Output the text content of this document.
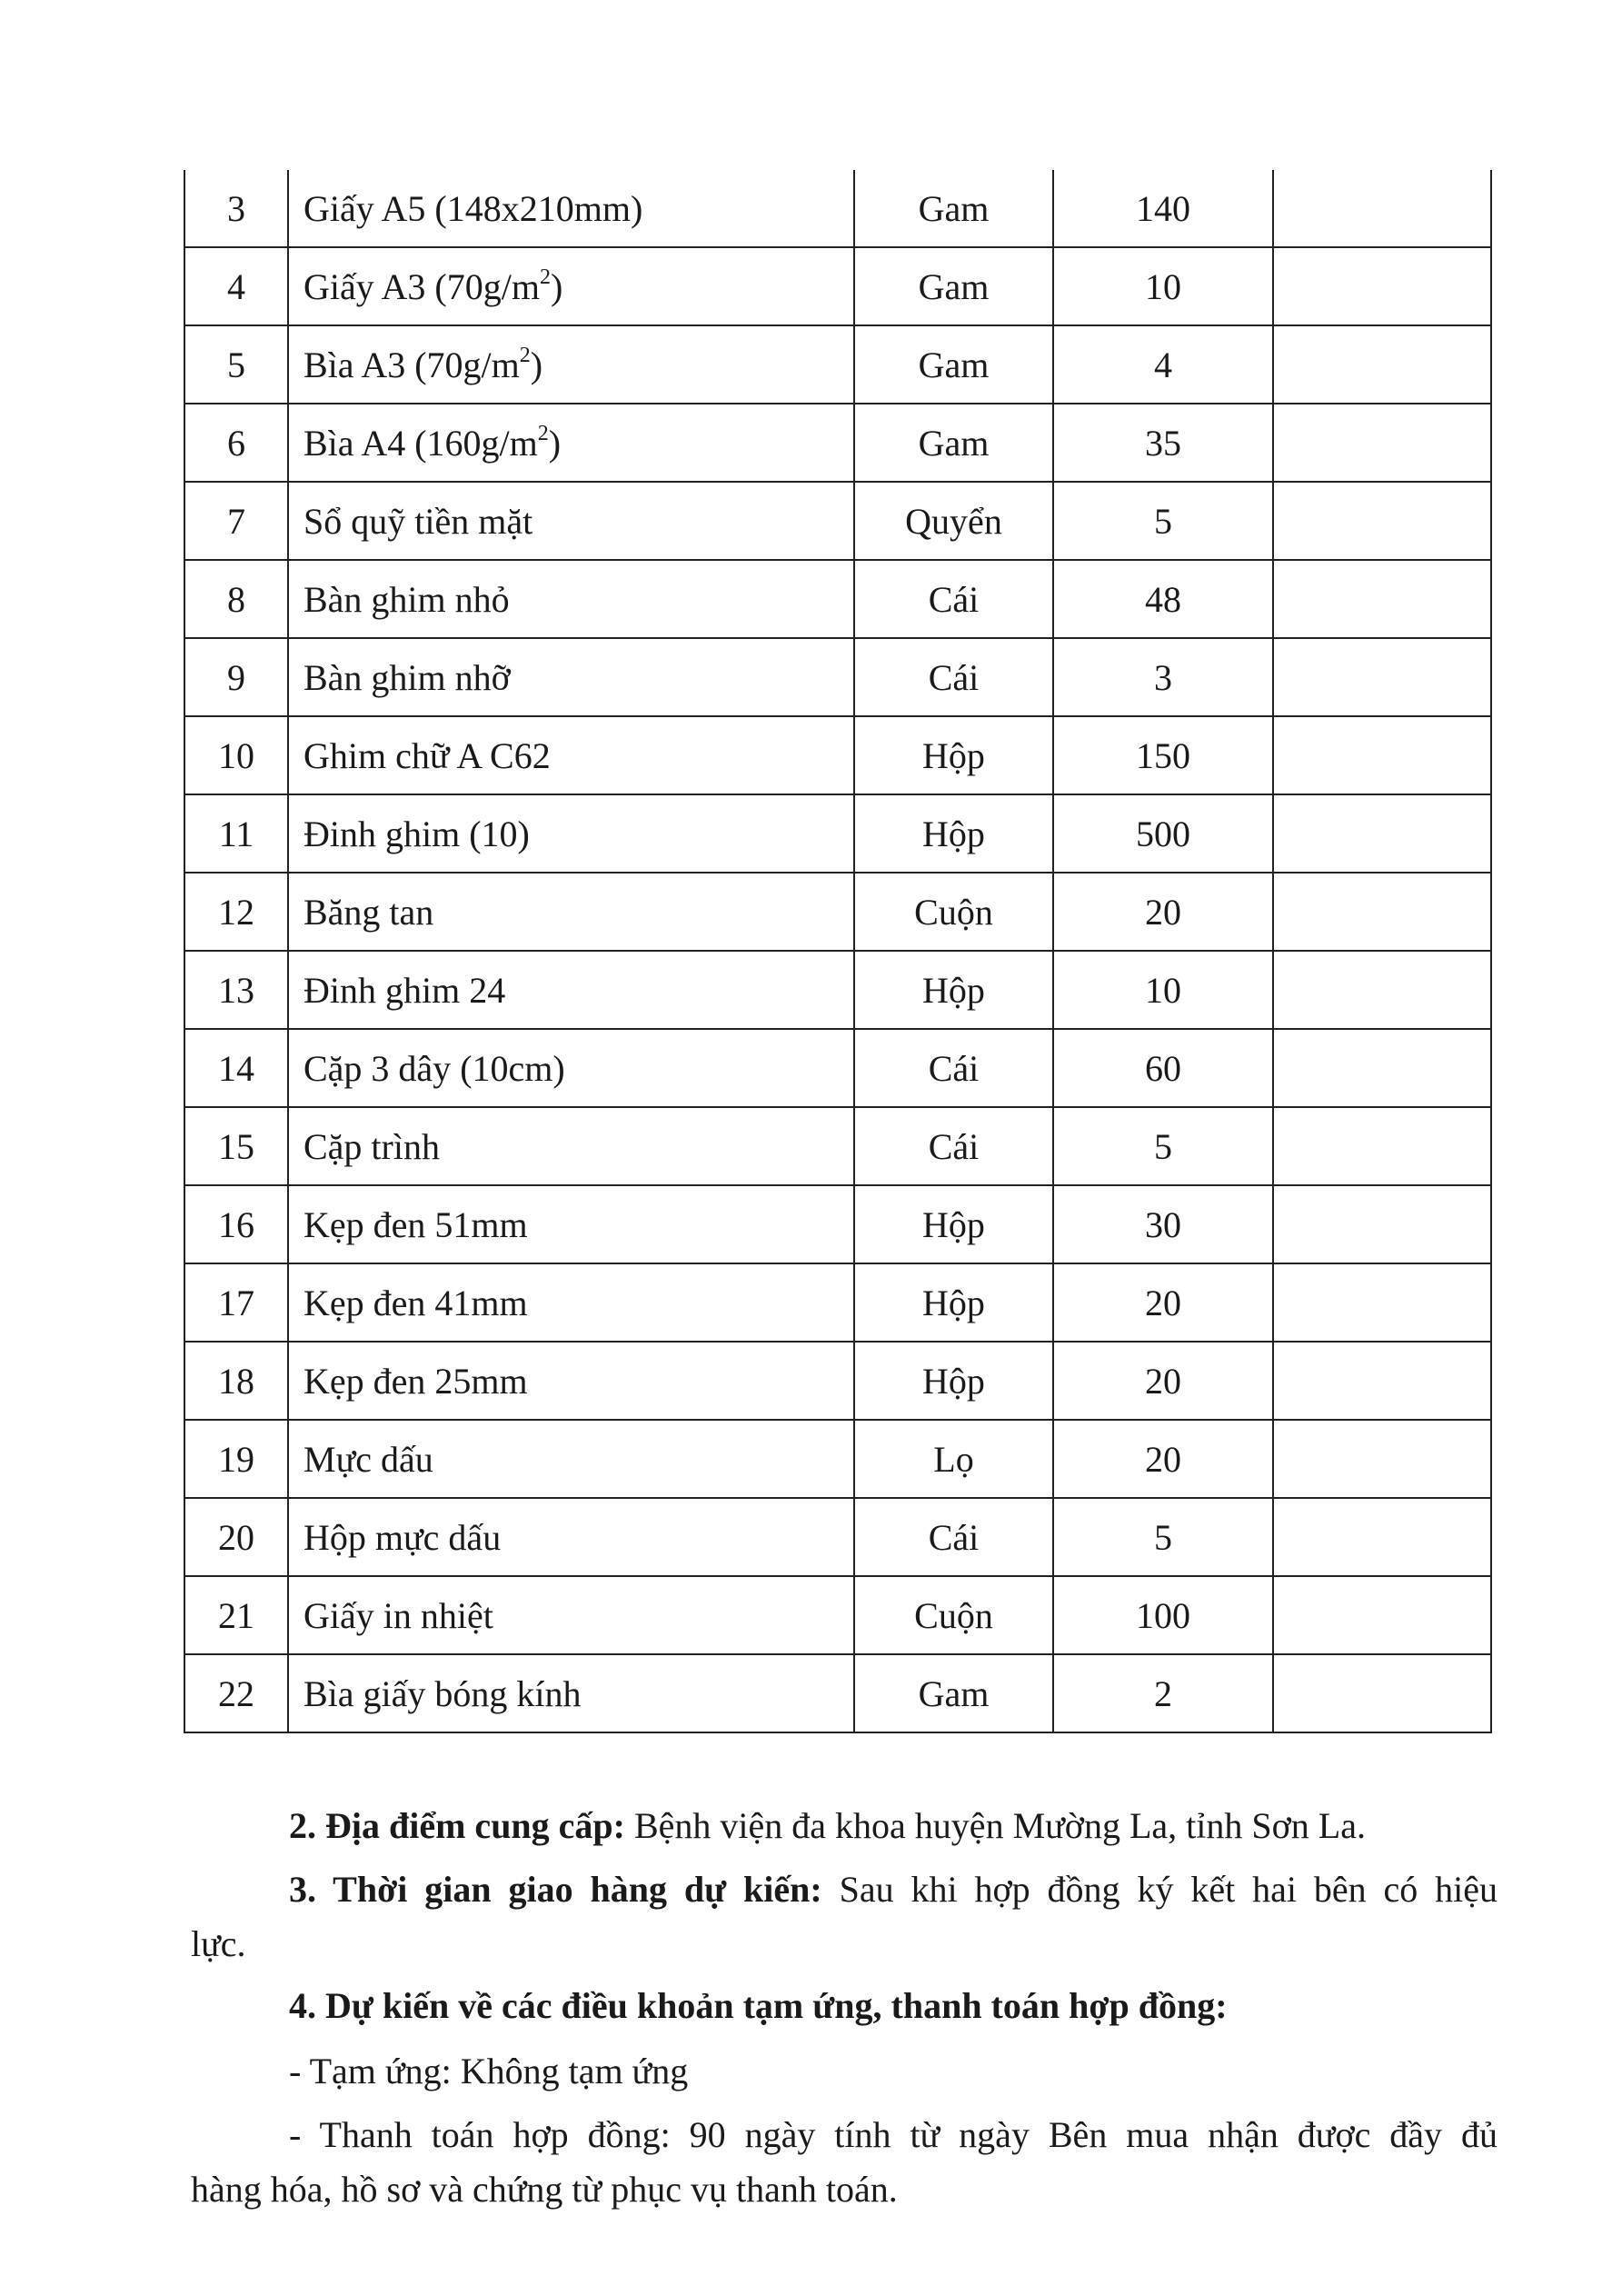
3	Giấy A5 (148x210mm)	Gam	140	
4	Giấy A3 $(70g/m^2)$	Gam	10	
5	Bìa A3 $(70g/m^2)$	Gam	4	
6	Bìa A4 $(160g/m^2)$	Gam	35	
7	Sổ quỹ tiền mặt	Quyển	5	
8	Bàn ghim nhỏ	Cái	48	
9	Bàn ghim nhỡ	Cái	3	
10	Ghim chữ A C62	Hộp	150	
11	Đinh ghim (10)	Hộp	500	
12	Băng tan	Cuộn	20	
13	Đinh ghim 24	Hộp	10	
14	Cặp 3 dây (10cm)	Cái	60	
15	Cặp trình	Cái	5	
16	Kẹp đen 51mm	Hộp	30	
17	Kẹp đen 41mm	Hộp	20	
18	Kẹp đen 25mm	Hộp	20	
19	Mực dấu	Lọ	20	
20	Hộp mực dấu	Cái	5	
21	Giấy in nhiệt	Cuộn	100	
22	Bìa giấy bóng kính	Gam	2	
2. Địa điểm cung cấp: Bệnh viện đa khoa huyện Mường La, tỉnh Sơn La.
3. Thời gian giao hàng dự kiến: Sau khi hợp đồng ký kết hai bên có hiệu
lực.
4. Dự kiến về các điều khoản tạm ứng, thanh toán hợp đồng:
- Tạm ứng: Không tạm ứng
- Thanh toán hợp đồng: 90 ngày tính từ ngày Bên mua nhận được đầy đủ
hàng hóa, hồ sơ và chứng từ phục vụ thanh toán.
